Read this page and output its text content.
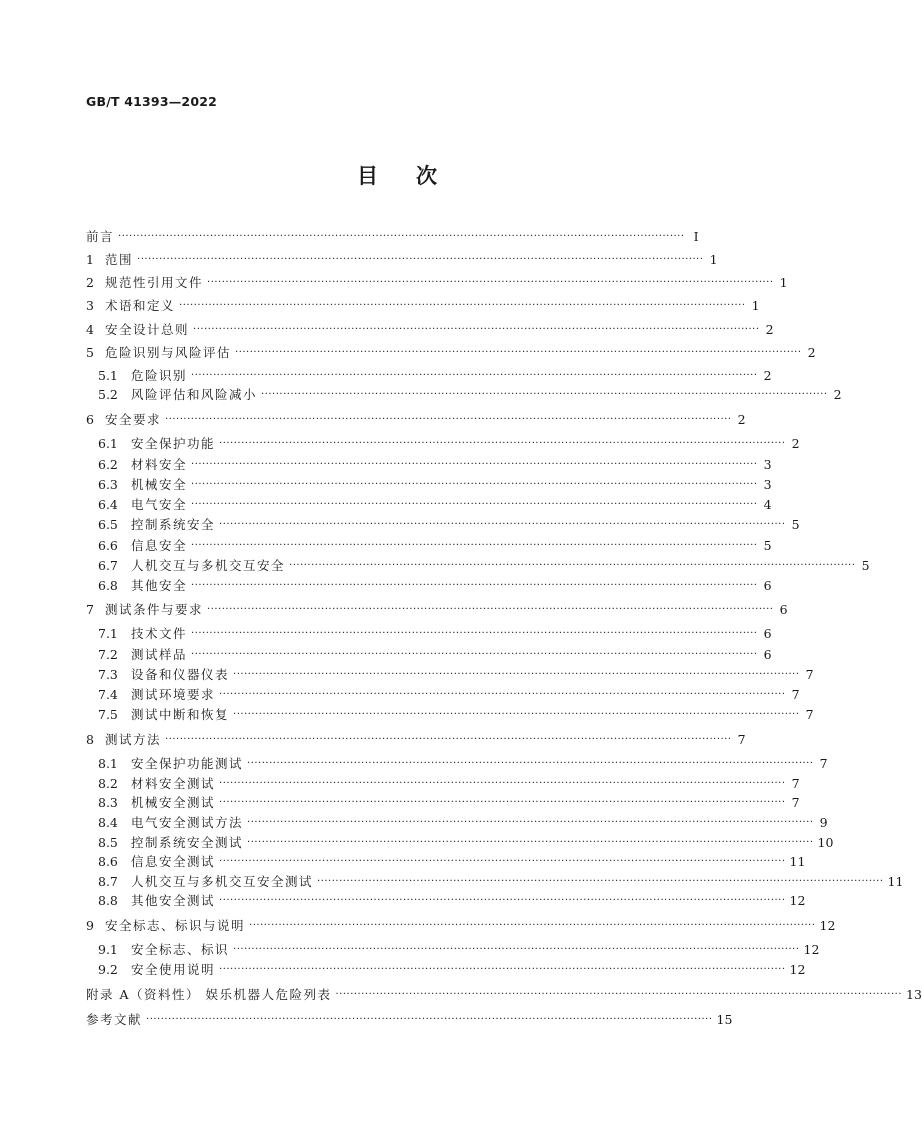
GB/T 41393—2022
目 次
前言 ·························································································································································· Ⅰ
1 范围 ·························································································································································· 1
2 规范性引用文件 ·························································································································································· 1
3 术语和定义 ·························································································································································· 1
4 安全设计总则 ·························································································································································· 2
5 危险识别与风险评估 ·························································································································································· 2
5.1	危险识别 ·························································································································································· 2
5.2	风险评估和风险减小 ·························································································································································· 2
6 安全要求 ·························································································································································· 2
6.1	安全保护功能 ·························································································································································· 2
6.2	材料安全 ·························································································································································· 3
6.3	机械安全 ·························································································································································· 3
6.4	电气安全 ·························································································································································· 4
6.5	控制系统安全 ·························································································································································· 5
6.6	信息安全 ·························································································································································· 5
6.7	人机交互与多机交互安全 ·························································································································································· 5
6.8	其他安全 ·························································································································································· 6
7 测试条件与要求 ·························································································································································· 6
7.1	技术文件 ·························································································································································· 6
7.2	测试样品 ·························································································································································· 6
7.3	设备和仪器仪表 ·························································································································································· 7
7.4	测试环境要求 ·························································································································································· 7
7.5	测试中断和恢复 ·························································································································································· 7
8 测试方法 ·························································································································································· 7
8.1	安全保护功能测试 ·························································································································································· 7
8.2	材料安全测试 ·························································································································································· 7
8.3	机械安全测试 ·························································································································································· 7
8.4	电气安全测试方法 ·························································································································································· 9
8.5	控制系统安全测试 ·························································································································································· 10
8.6	信息安全测试 ·························································································································································· 11
8.7	人机交互与多机交互安全测试 ·························································································································································· 11
8.8	其他安全测试 ·························································································································································· 12
9 安全标志、标识与说明 ·························································································································································· 12
9.1	安全标志、标识 ·························································································································································· 12
9.2	安全使用说明 ·························································································································································· 12
附录 A（资料性） 娱乐机器人危险列表 ·························································································································································· 13
参考文献 ·························································································································································· 15
